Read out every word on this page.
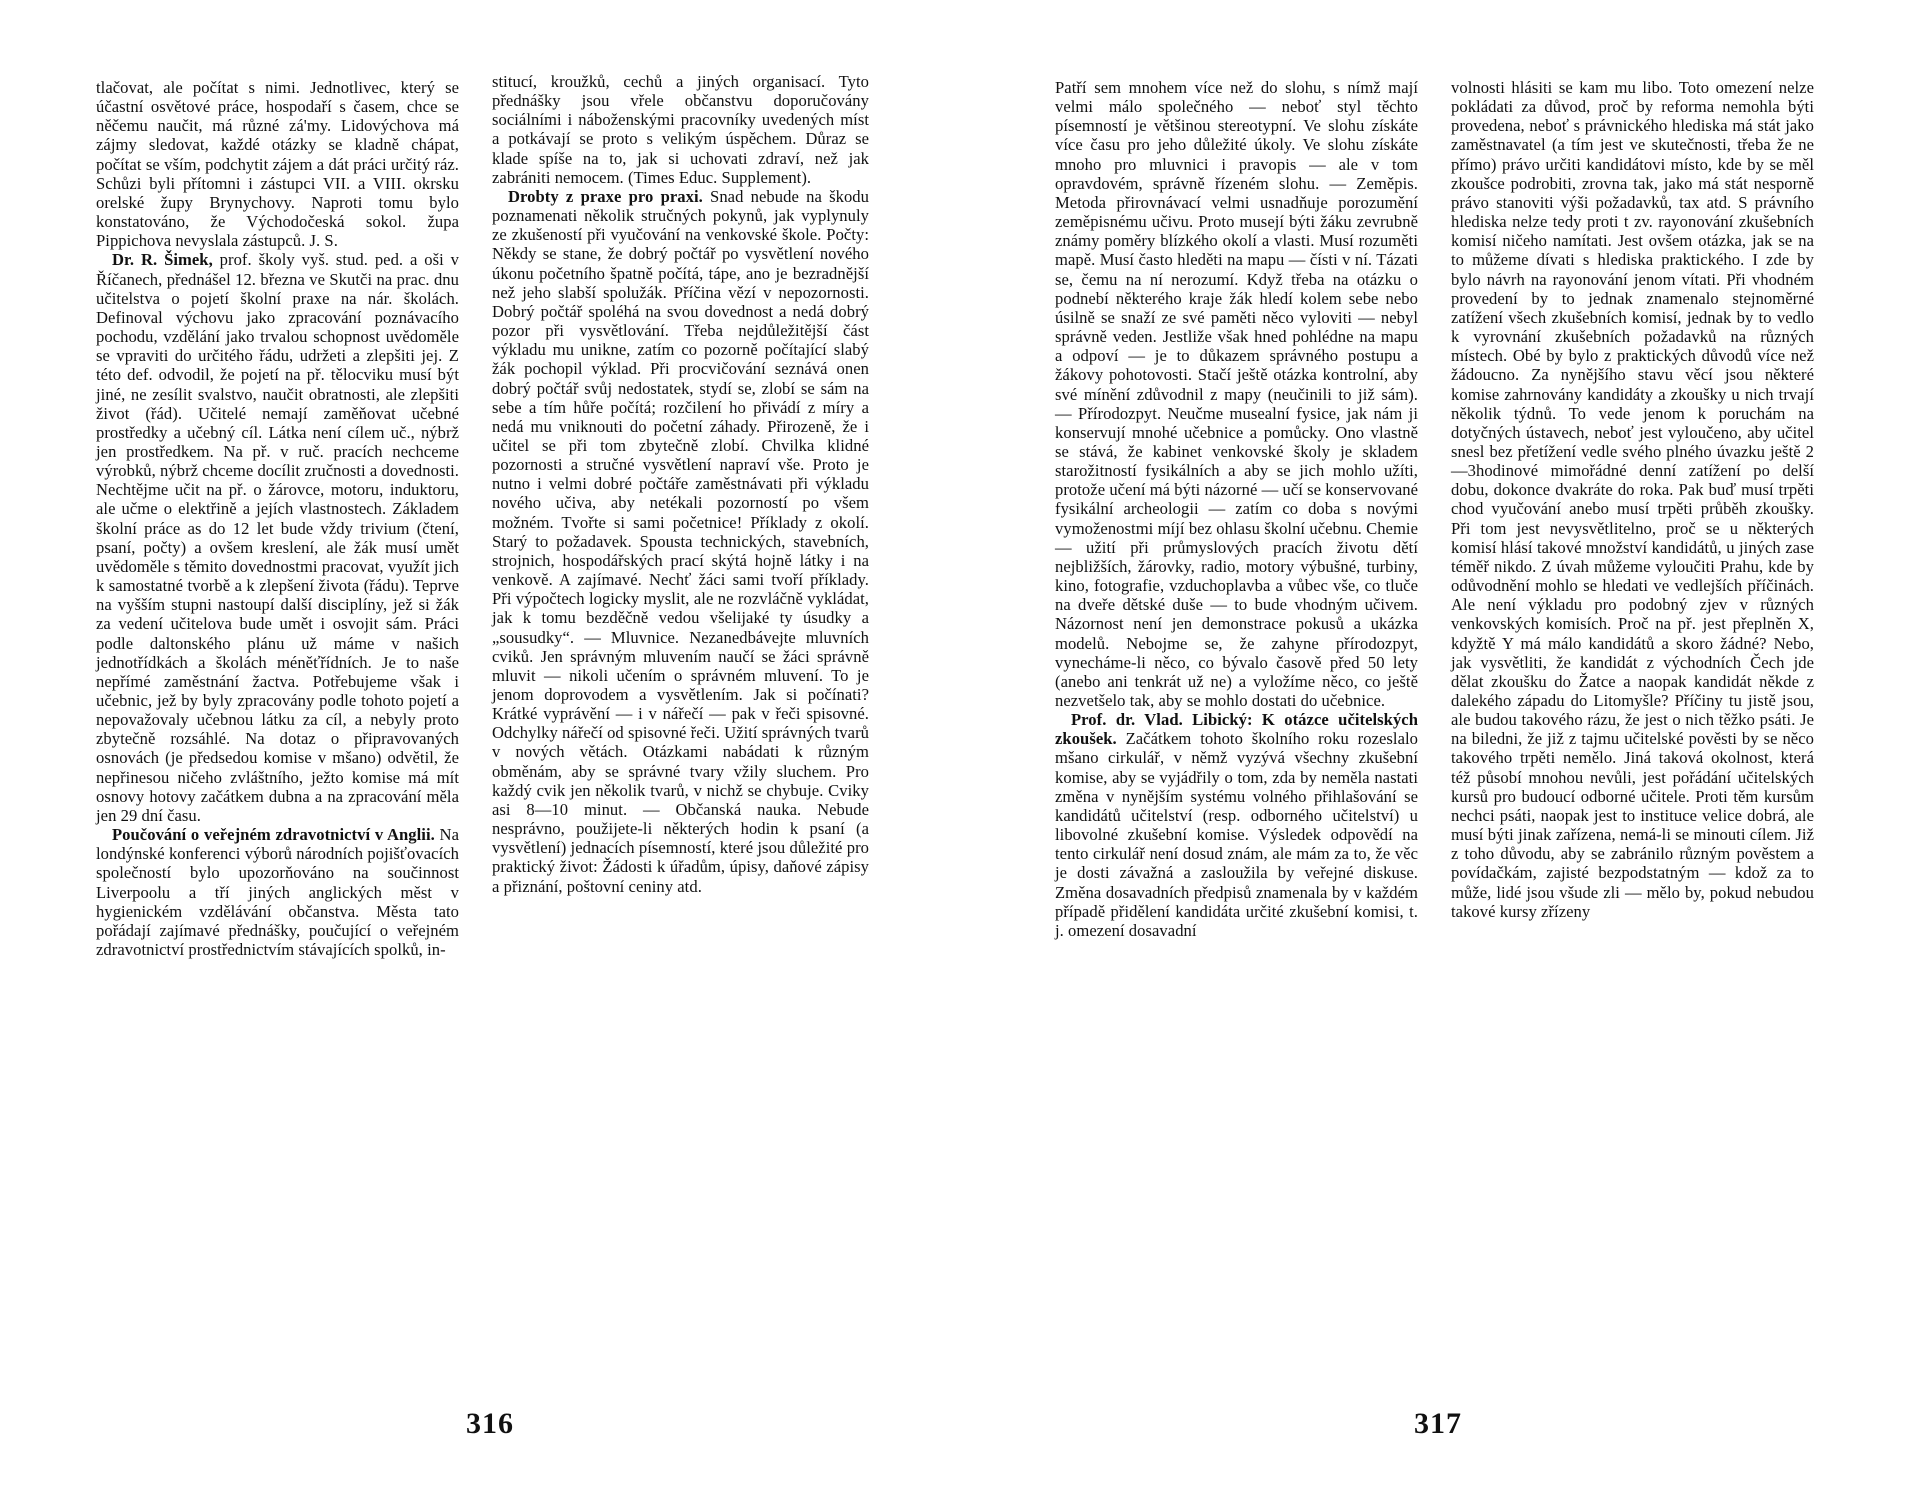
tlačovat, ale počítat s nimi. Jednotlivec, který se účastní osvětové práce, hospodaří s časem, chce se něčemu naučit, má různé zá'my. Lidovýchova má zájmy sledovat, každé otázky se kladně chápat, počítat se vším, podchytit zájem a dát práci určitý ráz. Schůzi byli přítomni i zástupci VII. a VIII. okrsku orelské župy Brynychovy. Naproti tomu bylo konstatováno, že Východočeská sokol. župa Pippichova nevyslala zástupců. J. S.

Dr. R. Šimek, prof. školy vyš. stud. ped. a oši v Říčanech, přednášel 12. března ve Skutči na prac. dnu učitelstva o pojetí školní praxe na nár. školách. Definoval výchovu jako zpracování poznávacího pochodu, vzdělání jako trvalou schopnost uvědoměle se vpraviti do určitého řádu, udržeti a zlepšiti jej. Z této def. odvodil, že pojetí na př. tělocviku musí být jiné, ne zesílit svalstvo, naučit obratnosti, ale zlepšiti život (řád). Učitelé nemají zaměňovat učebné prostředky a učebný cíl. Látka není cílem uč., nýbrž jen prostředkem. Na př. v ruč. pracích nechceme výrobků, nýbrž chceme docílit zručnosti a dovednosti. Nechtějme učit na př. o žárovce, motoru, induktoru, ale učme o elektřině a jejích vlastnostech. Základem školní práce as do 12 let bude vždy trivium (čtení, psaní, počty) a ovšem kreslení, ale žák musí umět uvědoměle s těmito dovednostmi pracovat, využít jich k samostatné tvorbě a k zlepšení života (řádu). Teprve na vyšším stupni nastoupí další disciplíny, jež si žák za vedení učitelova bude umět i osvojit sám. Práci podle daltonského plánu už máme v našich jednotřídkách a školách méněťřídních. Je to naše nepřímé zaměstnání žactva. Potřebujeme však i učebnic, jež by byly zpracovány podle tohoto pojetí a nepovažovaly učebnou látku za cíl, a nebyly proto zbytečně rozsáhlé. Na dotaz o připravovaných osnovách (je předsedou komise v mšano) odvětil, že nepřinesou ničeho zvláštního, ježto komise má mít osnovy hotovy začátkem dubna a na zpracování měla jen 29 dní času.

Poučování o veřejném zdravotnictví v Anglii. Na londýnské konferenci výborů národních pojišťovacích společností bylo upozorňováno na součinnost Liverpoolu a tří jiných anglických měst v hygienickém vzdělávání občanstva. Města tato pořádají zajímavé přednášky, poučující o veřejném zdravotnictví prostřednictvím stávajících spolků, in-

stitucí, kroužků, cechů a jiných organisací. Tyto přednášky jsou vřele občanstvu doporučovány sociálními i náboženskými pracovníky uvedených míst a potkávají se proto s velikým úspěchem. Důraz se klade spíše na to, jak si uchovati zdraví, než jak zabrániti nemocem. (Times Educ. Supplement).

Drobty z praxe pro praxi. Snad nebude na škodu poznamenati několik stručných pokynů, jak vyplynuly ze zkušeností při vyučování na venkovské škole. Počty: Někdy se stane, že dobrý počtář po vysvětlení nového úkonu početního špatně počítá, tápe, ano je bezradnější než jeho slabší spolužák. Příčina vězí v nepozornosti. Dobrý počtář spoléhá na svou dovednost a nedá dobrý pozor při vysvětlování. Třeba nejdůležitější část výkladu mu unikne, zatím co pozorně počítající slabý žák pochopil výklad. Při procvičování seznává onen dobrý počtář svůj nedostatek, stydí se, zlobí se sám na sebe a tím hůře počítá; rozčilení ho přivádí z míry a nedá mu vniknouti do početní záhady. Přirozeně, že i učitel se při tom zbytečně zlobí. Chvilka klidné pozornosti a stručné vysvětlení napraví vše. Proto je nutno i velmi dobré počtáře zaměstnávati při výkladu nového učiva, aby netékali pozorností po všem možném. Tvořte si sami početnice! Příklady z okolí. Starý to požadavek. Spousta technických, stavebních, strojnich, hospodářských prací skýtá hojně látky i na venkově. A zajímavé. Nechť žáci sami tvoří příklady. Při výpočtech logicky myslit, ale ne rozvláčně vykládat, jak k tomu bezděčně vedou všelijaké ty úsudky a „sousudky“. — Mluvnice. Nezanedbávejte mluvních cviků. Jen správným mluvením naučí se žáci správně mluvit — nikoli učením o správném mluvení. To je jenom doprovodem a vysvětlením. Jak si počínati? Krátké vyprávění — i v nářečí — pak v řeči spisovné. Odchylky nářečí od spisovné řeči. Užití správných tvarů v nových větách. Otázkami nabádati k různým obměnám, aby se správné tvary vžily sluchem. Pro každý cvik jen několik tvarů, v nichž se chybuje. Cviky asi 8—10 minut. — Občanská nauka. Nebude nesprávno, použijete-li některých hodin k psaní (a vysvětlení) jednacích písemností, které jsou důležité pro praktický život: Žádosti k úřadům, úpisy, daňové zápisy a přiznání, poštovní ceniny atd.

316

Patří sem mnohem více než do slohu, s nímž mají velmi málo společného — neboť styl těchto písemností je většinou stereotypní. Ve slohu získáte více času pro jeho důležité úkoly. Ve slohu získáte mnoho pro mluvnici i pravopis — ale v tom opravdovém, správně řízeném slohu. — Zeměpis. Metoda přirovnávací velmi usnadňuje porozumění zeměpisnému učivu. Proto musejí býti žáku zevrubně známy poměry blízkého okolí a vlasti. Musí rozuměti mapě. Musí často hleděti na mapu — čísti v ní. Tázati se, čemu na ní nerozumí. Když třeba na otázku o podnebí některého kraje žák hledí kolem sebe nebo úsilně se snaží ze své paměti něco vyloviti — nebyl správně veden. Jestliže však hned pohlédne na mapu a odpoví — je to důkazem správného postupu a žákovy pohotovosti. Stačí ještě otázka kontrolní, aby své mínění zdůvodnil z mapy (neučinili to již sám). — Přírodozpyt. Neučme musealní fysice, jak nám ji konservují mnohé učebnice a pomůcky. Ono vlastně se stává, že kabinet venkovské školy je skladem starožitností fysikálních a aby se jich mohlo užíti, protože učení má býti názorné — učí se konservované fysikální archeologii — zatím co doba s novými vymoženostmi míjí bez ohlasu školní učebnu. Chemie — užití při průmyslových pracích životu dětí nejbližších, žárovky, radio, motory výbušné, turbiny, kino, fotografie, vzduchoplavba a vůbec vše, co tluče na dveře dětské duše — to bude vhodným učivem. Názornost není jen demonstrace pokusů a ukázka modelů. Nebojme se, že zahyne přírodozpyt, vynecháme-li něco, co bývalo časově před 50 lety (anebo ani tenkrát už ne) a vyložíme něco, co ještě nezvetšelo tak, aby se mohlo dostati do učebnice.

Prof. dr. Vlad. Libický: K otázce učitelských zkoušek. Začátkem tohoto školního roku rozeslalo mšano cirkulář, v němž vyzývá všechny zkušební komise, aby se vyjádřily o tom, zda by neměla nastati změna v nynějším systému volného přihlašování se kandidátů učitelství (resp. odborného učitelství) u libovolné zkušební komise. Výsledek odpovědí na tento cirkulář není dosud znám, ale mám za to, že věc je dosti závažná a zasloužila by veřejné diskuse. Změna dosavadních předpisů znamenala by v každém případě přidělení kandidáta určité zkušební komisi, t. j. omezení dosavadní

volnosti hlásiti se kam mu libo. Toto omezení nelze pokládati za důvod, proč by reforma nemohla býti provedena, neboť s právnického hlediska má stát jako zaměstnavatel (a tím jest ve skutečnosti, třeba že ne přímo) právo určiti kandidátovi místo, kde by se měl zkoušce podrobiti, zrovna tak, jako má stát nesporně právo stanoviti výši požadavků, tax atd. S právního hlediska nelze tedy proti t zv. rayonování zkušebních komisí ničeho namítati. Jest ovšem otázka, jak se na to můžeme dívati s hlediska praktického. I zde by bylo návrh na rayonování jenom vítati. Při vhodném provedení by to jednak znamenalo stejnoměrné zatížení všech zkušebních komisí, jednak by to vedlo k vyrovnání zkušebních požadavků na různých místech. Obé by bylo z praktických důvodů více než žádoucno. Za nynějšího stavu věcí jsou některé komise zahrnovány kandidáty a zkoušky u nich trvají několik týdnů. To vede jenom k poruchám na dotyčných ústavech, neboť jest vyloučeno, aby učitel snesl bez přetížení vedle svého plného úvazku ještě 2—3hodinové mimořádné denní zatížení po delší dobu, dokonce dvakráte do roka. Pak buď musí trpěti chod vyučování anebo musí trpěti průběh zkoušky. Při tom jest nevysvětlitelno, proč se u některých komisí hlásí takové množství kandidátů, u jiných zase téměř nikdo. Z úvah můžeme vyloučiti Prahu, kde by odůvodnění mohlo se hledati ve vedlejších příčinách. Ale není výkladu pro podobný zjev v různých venkovských komisích. Proč na př. jest přeplněn X, kdyžtě Y má málo kandidátů a skoro žádné? Nebo, jak vysvětliti, že kandidát z východních Čech jde dělat zkoušku do Žatce a naopak kandidát někde z dalekého západu do Litomyšle? Příčiny tu jistě jsou, ale budou takového rázu, že jest o nich těžko psáti. Je na biledni, že již z tajmu učitelské pověsti by se něco takového trpěti nemělo. Jiná taková okolnost, která též působí mnohou nevůli, jest pořádání učitelských kursů pro budoucí odborné učitele. Proti těm kursům nechci psáti, naopak jest to instituce velice dobrá, ale musí býti jinak zařízena, nemá-li se minouti cílem. Již z toho důvodu, aby se zabránilo různým pověstem a povídačkám, zajisté bezpodstatným — kdož za to může, lidé jsou všude zli — mělo by, pokud nebudou takové kursy zřízeny

317
